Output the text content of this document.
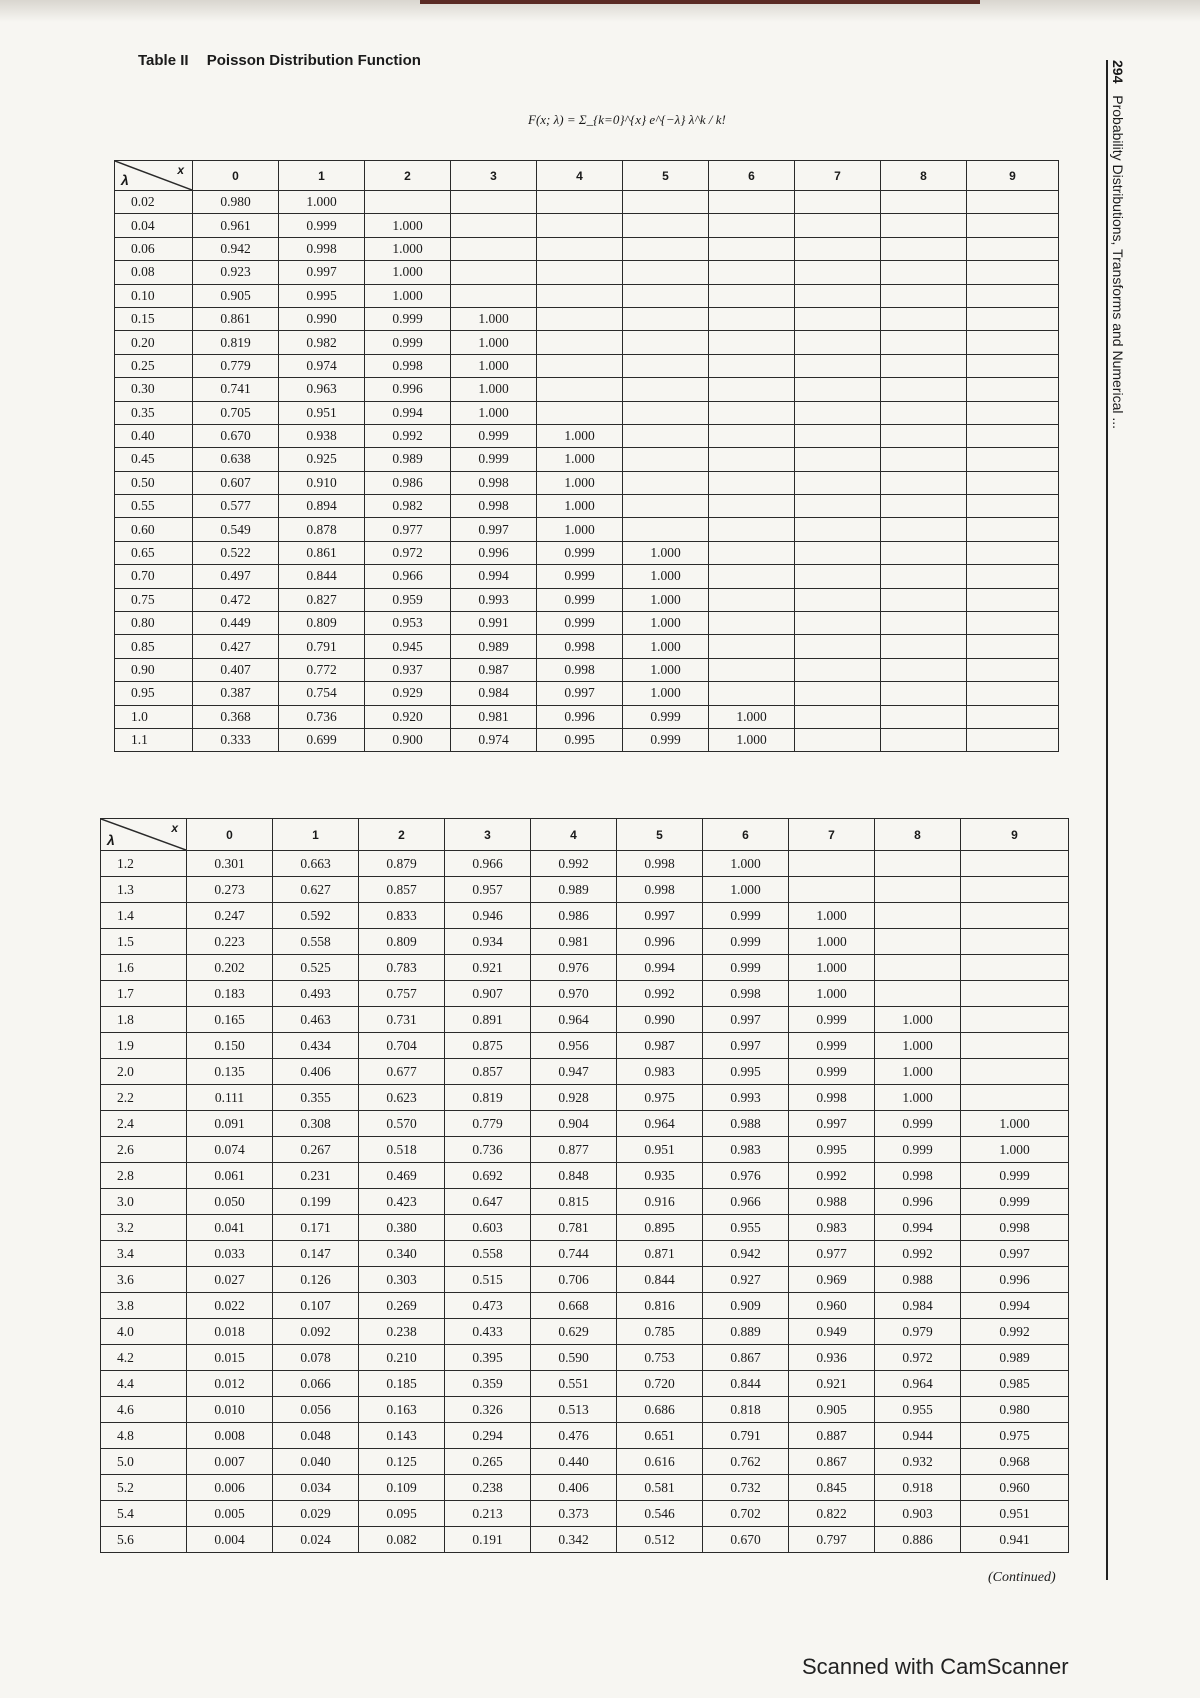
Table II Poisson Distribution Function
F(x; λ) = Σ_{k=0}^{x} e^{−λ} λ^k / k!
294 Probability Distributions, Transforms and Numerical ...
x
λ	0	1	2	3	4	5	6	7	8	9
0.02	0.980	1.000								
0.04	0.961	0.999	1.000							
0.06	0.942	0.998	1.000							
0.08	0.923	0.997	1.000							
0.10	0.905	0.995	1.000							
0.15	0.861	0.990	0.999	1.000						
0.20	0.819	0.982	0.999	1.000						
0.25	0.779	0.974	0.998	1.000						
0.30	0.741	0.963	0.996	1.000						
0.35	0.705	0.951	0.994	1.000						
0.40	0.670	0.938	0.992	0.999	1.000					
0.45	0.638	0.925	0.989	0.999	1.000					
0.50	0.607	0.910	0.986	0.998	1.000					
0.55	0.577	0.894	0.982	0.998	1.000					
0.60	0.549	0.878	0.977	0.997	1.000					
0.65	0.522	0.861	0.972	0.996	0.999	1.000				
0.70	0.497	0.844	0.966	0.994	0.999	1.000				
0.75	0.472	0.827	0.959	0.993	0.999	1.000				
0.80	0.449	0.809	0.953	0.991	0.999	1.000				
0.85	0.427	0.791	0.945	0.989	0.998	1.000				
0.90	0.407	0.772	0.937	0.987	0.998	1.000				
0.95	0.387	0.754	0.929	0.984	0.997	1.000				
1.0	0.368	0.736	0.920	0.981	0.996	0.999	1.000			
1.1	0.333	0.699	0.900	0.974	0.995	0.999	1.000			
x
λ	0	1	2	3	4	5	6	7	8	9
1.2	0.301	0.663	0.879	0.966	0.992	0.998	1.000			
1.3	0.273	0.627	0.857	0.957	0.989	0.998	1.000			
1.4	0.247	0.592	0.833	0.946	0.986	0.997	0.999	1.000		
1.5	0.223	0.558	0.809	0.934	0.981	0.996	0.999	1.000		
1.6	0.202	0.525	0.783	0.921	0.976	0.994	0.999	1.000		
1.7	0.183	0.493	0.757	0.907	0.970	0.992	0.998	1.000		
1.8	0.165	0.463	0.731	0.891	0.964	0.990	0.997	0.999	1.000	
1.9	0.150	0.434	0.704	0.875	0.956	0.987	0.997	0.999	1.000	
2.0	0.135	0.406	0.677	0.857	0.947	0.983	0.995	0.999	1.000	
2.2	0.111	0.355	0.623	0.819	0.928	0.975	0.993	0.998	1.000	
2.4	0.091	0.308	0.570	0.779	0.904	0.964	0.988	0.997	0.999	1.000
2.6	0.074	0.267	0.518	0.736	0.877	0.951	0.983	0.995	0.999	1.000
2.8	0.061	0.231	0.469	0.692	0.848	0.935	0.976	0.992	0.998	0.999
3.0	0.050	0.199	0.423	0.647	0.815	0.916	0.966	0.988	0.996	0.999
3.2	0.041	0.171	0.380	0.603	0.781	0.895	0.955	0.983	0.994	0.998
3.4	0.033	0.147	0.340	0.558	0.744	0.871	0.942	0.977	0.992	0.997
3.6	0.027	0.126	0.303	0.515	0.706	0.844	0.927	0.969	0.988	0.996
3.8	0.022	0.107	0.269	0.473	0.668	0.816	0.909	0.960	0.984	0.994
4.0	0.018	0.092	0.238	0.433	0.629	0.785	0.889	0.949	0.979	0.992
4.2	0.015	0.078	0.210	0.395	0.590	0.753	0.867	0.936	0.972	0.989
4.4	0.012	0.066	0.185	0.359	0.551	0.720	0.844	0.921	0.964	0.985
4.6	0.010	0.056	0.163	0.326	0.513	0.686	0.818	0.905	0.955	0.980
4.8	0.008	0.048	0.143	0.294	0.476	0.651	0.791	0.887	0.944	0.975
5.0	0.007	0.040	0.125	0.265	0.440	0.616	0.762	0.867	0.932	0.968
5.2	0.006	0.034	0.109	0.238	0.406	0.581	0.732	0.845	0.918	0.960
5.4	0.005	0.029	0.095	0.213	0.373	0.546	0.702	0.822	0.903	0.951
5.6	0.004	0.024	0.082	0.191	0.342	0.512	0.670	0.797	0.886	0.941
(Continued)
Scanned with CamScanner
